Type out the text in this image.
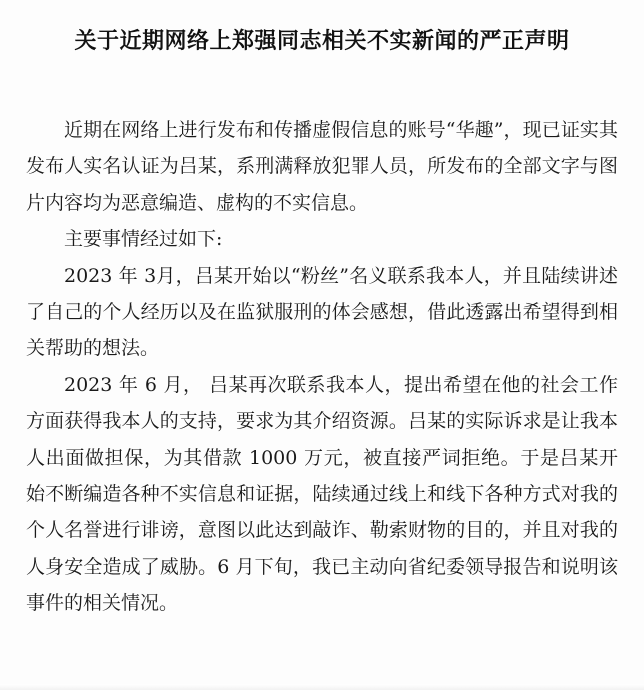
关于近期网络上郑强同志相关不实新闻的严正声明

近期在网络上进行发布和传播虚假信息的账号“华趣”，现已证实其发布人实名认证为吕某，系刑满释放犯罪人员，所发布的全部文字与图片内容均为恶意编造、虚构的不实信息。

主要事情经过如下:

2023 年 3月，吕某开始以“粉丝”名义联系我本人，并且陆续讲述了自己的个人经历以及在监狱服刑的体会感想，借此透露出希望得到相关帮助的想法。

2023 年 6 月， 吕某再次联系我本人，提出希望在他的社会工作方面获得我本人的支持，要求为其介绍资源。吕某的实际诉求是让我本人出面做担保，为其借款 1000 万元，被直接严词拒绝。于是吕某开始不断编造各种不实信息和证据，陆续通过线上和线下各种方式对我的个人名誉进行诽谤，意图以此达到敲诈、勒索财物的目的，并且对我的人身安全造成了威胁。6 月下旬，我已主动向省纪委领导报告和说明该事件的相关情况。
